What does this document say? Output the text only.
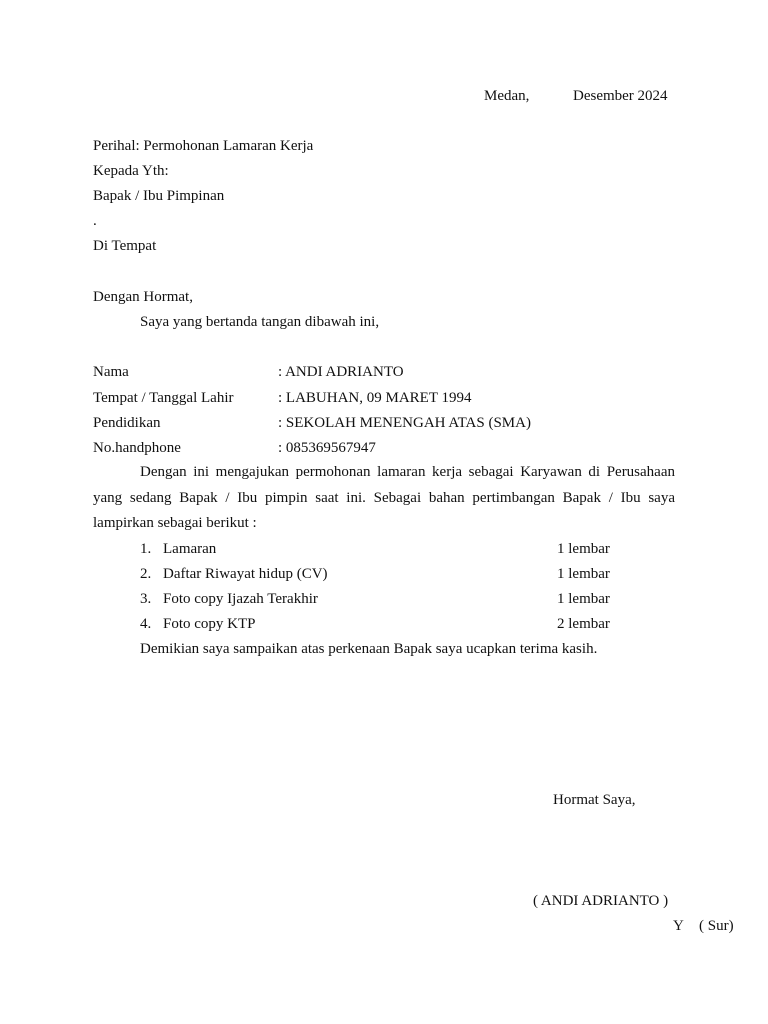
Medan,	Desember 2024
Perihal: Permohonan Lamaran Kerja
Kepada Yth:
Bapak / Ibu Pimpinan
.
Di Tempat
Dengan Hormat,
Saya yang bertanda tangan dibawah ini,
Nama	: ANDI ADRIANTO
Tempat / Tanggal Lahir	: LABUHAN, 09 MARET 1994
Pendidikan	: SEKOLAH MENENGAH ATAS (SMA)
No.handphone	: 085369567947
Dengan ini mengajukan permohonan lamaran kerja sebagai Karyawan di Perusahaan yang sedang Bapak / Ibu pimpin saat ini. Sebagai bahan pertimbangan Bapak / Ibu saya lampirkan sebagai berikut :
1. Lamaran	1 lembar
2. Daftar Riwayat hidup (CV)	1 lembar
3. Foto copy Ijazah Terakhir	1 lembar
4. Foto copy KTP	2 lembar
Demikian saya sampaikan atas perkenaan Bapak saya ucapkan terima kasih.
Hormat Saya,
( ANDI ADRIANTO )
Y ( Sur)
